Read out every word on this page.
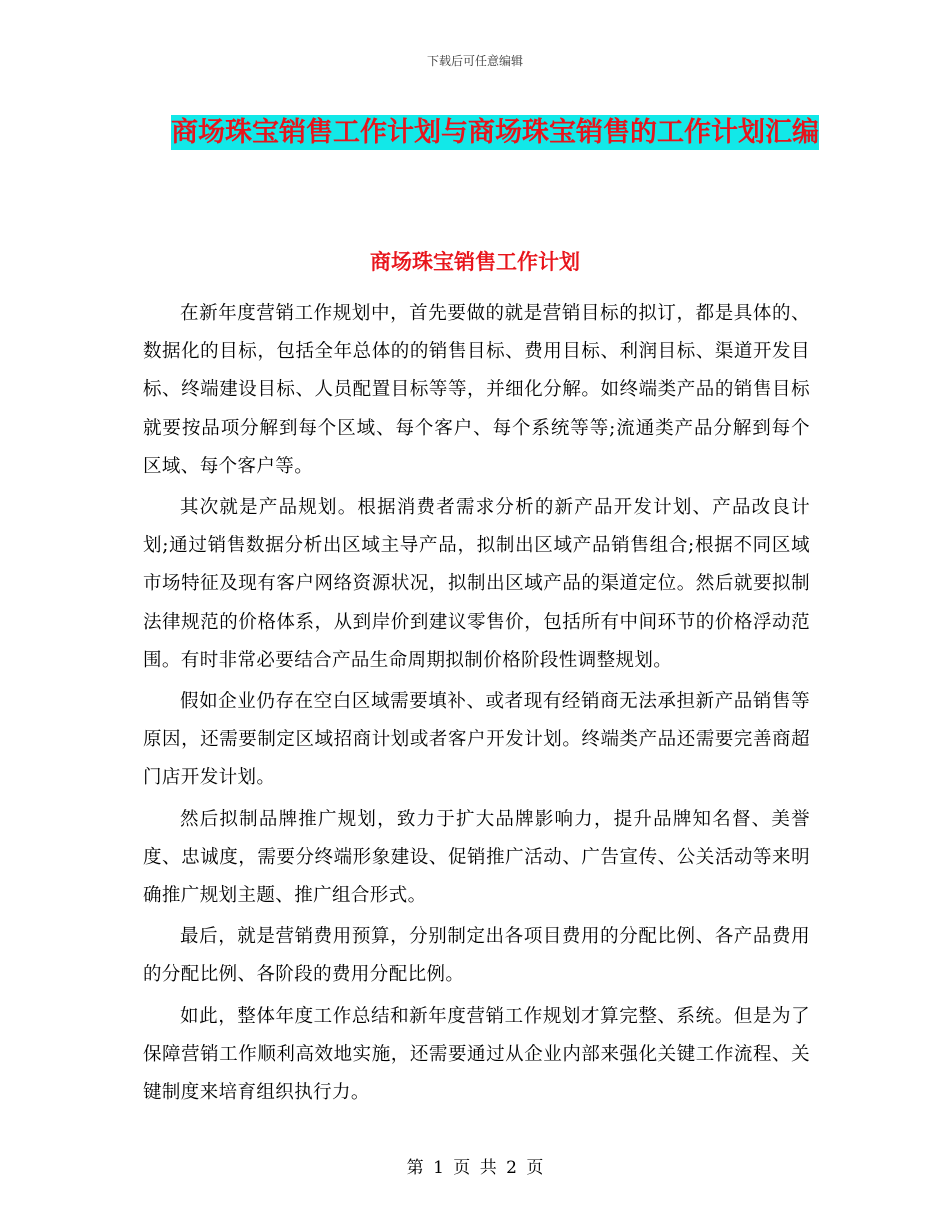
下载后可任意编辑
商场珠宝销售工作计划与商场珠宝销售的工作计划汇编
商场珠宝销售工作计划

在新年度营销工作规划中，首先要做的就是营销目标的拟订，都是具体的、数据化的目标，包括全年总体的的销售目标、费用目标、利润目标、渠道开发目标、终端建设目标、人员配置目标等等，并细化分解。如终端类产品的销售目标就要按品项分解到每个区域、每个客户、每个系统等等;流通类产品分解到每个区域、每个客户等。

其次就是产品规划。根据消费者需求分析的新产品开发计划、产品改良计划;通过销售数据分析出区域主导产品，拟制出区域产品销售组合;根据不同区域市场特征及现有客户网络资源状况，拟制出区域产品的渠道定位。然后就要拟制法律规范的价格体系，从到岸价到建议零售价，包括所有中间环节的价格浮动范围。有时非常必要结合产品生命周期拟制价格阶段性调整规划。

假如企业仍存在空白区域需要填补、或者现有经销商无法承担新产品销售等原因，还需要制定区域招商计划或者客户开发计划。终端类产品还需要完善商超门店开发计划。

然后拟制品牌推广规划，致力于扩大品牌影响力，提升品牌知名督、美誉度、忠诚度，需要分终端形象建设、促销推广活动、广告宣传、公关活动等来明确推广规划主题、推广组合形式。

最后，就是营销费用预算，分别制定出各项目费用的分配比例、各产品费用的分配比例、各阶段的费用分配比例。

如此，整体年度工作总结和新年度营销工作规划才算完整、系统。但是为了保障营销工作顺利高效地实施，还需要通过从企业内部来强化关键工作流程、关键制度来培育组织执行力。

第 1 页 共 2 页
